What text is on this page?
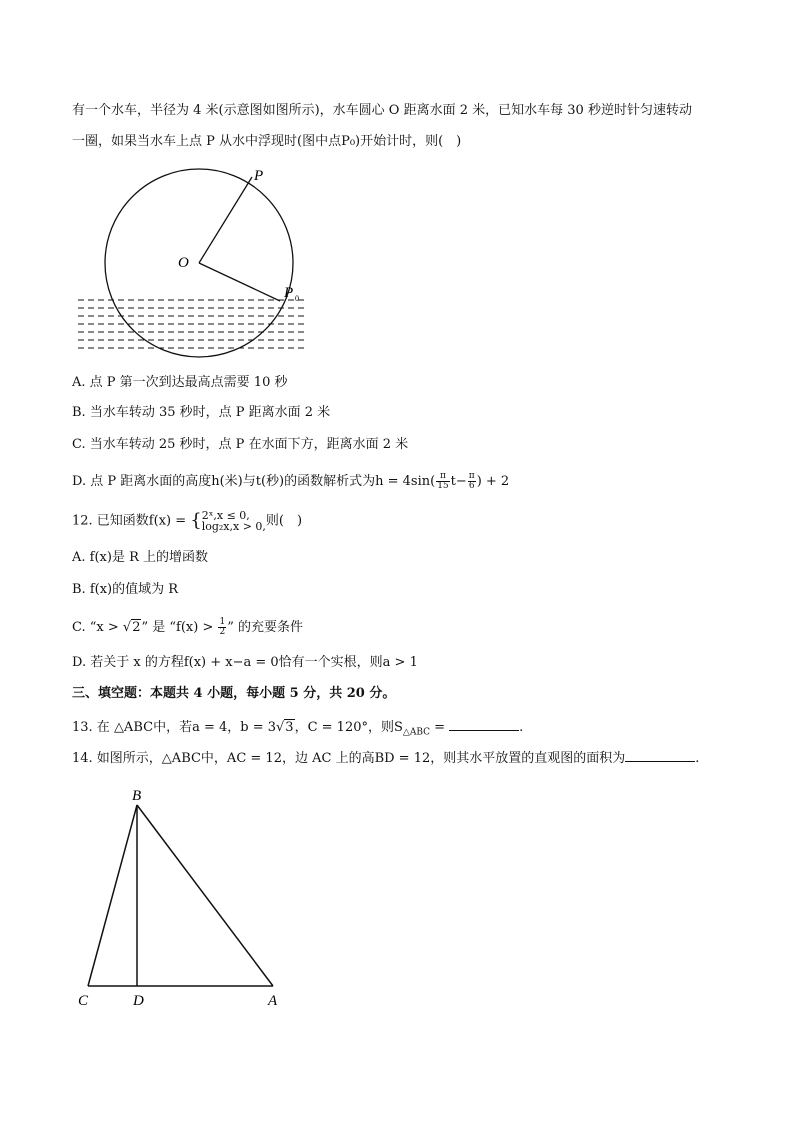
有一个水车，半径为 4 米(示意图如图所示)，水车圆心 O 距离水面 2 米，已知水车每 30 秒逆时针匀速转动
一圈，如果当水车上点 P 从水中浮现时(图中点P₀)开始计时，则(　)
P
O
P 0
A. 点 P 第一次到达最高点需要 10 秒
B. 当水车转动 35 秒时，点 P 距离水面 2 米
C. 当水车转动 25 秒时，点 P 在水面下方，距离水面 2 米
D. 点 P 距离水面的高度h(米)与t(秒)的函数解析式为$h = 4\sin( \frac{\pi}{15} t- \frac{\pi}{6}$ ) + 2
12. 已知函数f(x) = { 2ˣ,x ≤ 0,
log₂x,x > 0, 则(　)
A. f(x)是 R 上的增函数
B. f(x)的值域为 R
C. “x > √2” 是 “$f(x) > \frac{1}{2}$ ” 的充要条件
D. 若关于 x 的方程f(x) + x−a = 0恰有一个实根，则a > 1
三、填空题：本题共 4 小题，每小题 5 分，共 20 分。
13. 在 △ABC中，若a = 4，b = 3√3，C = 120°，则$S_{\triangle ABC}$ =	.
14. 如图所示，△ABC中，AC = 12，边 AC 上的高BD = 12，则其水平放置的直观图的面积为	.
B
C	D	A
